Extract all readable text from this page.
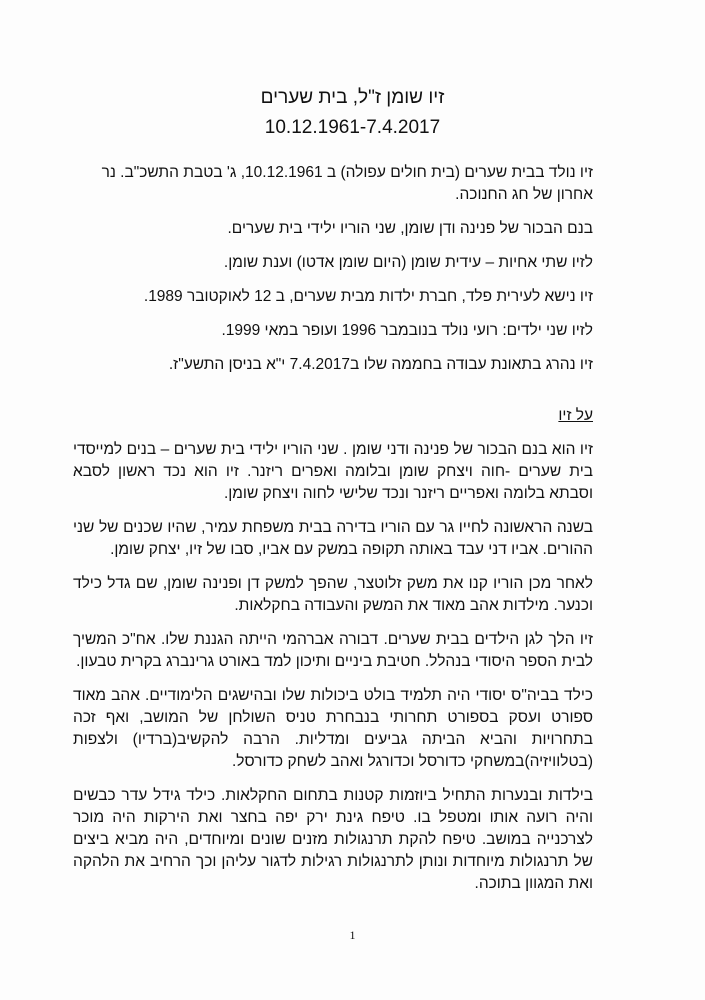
זיו שומן ז"ל, בית שערים
10.12.1961-7.4.2017

זיו נולד בבית שערים (בית חולים עפולה) ב 10.12.1961, ג' בטבת התשכ"ב. נר אחרון של חג החנוכה.

בנם הבכור של פנינה ודן שומן, שני הוריו ילידי בית שערים.

לזיו שתי אחיות – עידית שומן (היום שומן אדטו) וענת שומן.

זיו נישא לעירית פלד, חברת ילדות מבית שערים, ב 12 לאוקטובר 1989.

לזיו שני ילדים: רועי נולד בנובמבר 1996 ועופר במאי 1999.

זיו נהרג בתאונת עבודה בחממה שלו ב7.4.2017 י"א בניסן התשע"ז.

על זיו

זיו הוא בנם הבכור של פנינה ודני שומן . שני הוריו ילידי בית שערים – בנים למייסדי בית שערים -חוה ויצחק שומן ובלומה ואפרים ריזנר. זיו הוא נכד ראשון לסבא וסבתא בלומה ואפריים ריזנר ונכד שלישי לחוה ויצחק שומן.

בשנה הראשונה לחייו גר עם הוריו בדירה בבית משפחת עמיר, שהיו שכנים של שני ההורים. אביו דני עבד באותה תקופה במשק עם אביו, סבו של זיו, יצחק שומן.

לאחר מכן הוריו קנו את משק זלוטצר, שהפך למשק דן ופנינה שומן, שם גדל כילד וכנער. מילדות אהב מאוד את המשק והעבודה בחקלאות.

זיו הלך לגן הילדים בבית שערים. דבורה אברהמי הייתה הגננת שלו. אח"כ המשיך לבית הספר היסודי בנהלל. חטיבת ביניים ותיכון למד באורט גרינברג בקרית טבעון.

כילד בביה"ס יסודי היה תלמיד בולט ביכולות שלו ובהישגים הלימודיים. אהב מאוד ספורט ועסק בספורט תחרותי בנבחרת טניס השולחן של המושב, ואף זכה בתחרויות והביא הביתה גביעים ומדליות. הרבה להקשיב(ברדיו) ולצפות (בטלוויזיה)במשחקי כדורסל וכדורגל ואהב לשחק כדורסל.

בילדות ובנערות התחיל ביוזמות קטנות בתחום החקלאות. כילד גידל עדר כבשים והיה רועה אותו ומטפל בו. טיפח גינת ירק יפה בחצר ואת הירקות היה מוכר לצרכנייה במושב. טיפח להקת תרנגולות מזנים שונים ומיוחדים, היה מביא ביצים של תרנגולות מיוחדות ונותן לתרנגולות רגילות לדגור עליהן וכך הרחיב את הלהקה ואת המגוון בתוכה.

1
